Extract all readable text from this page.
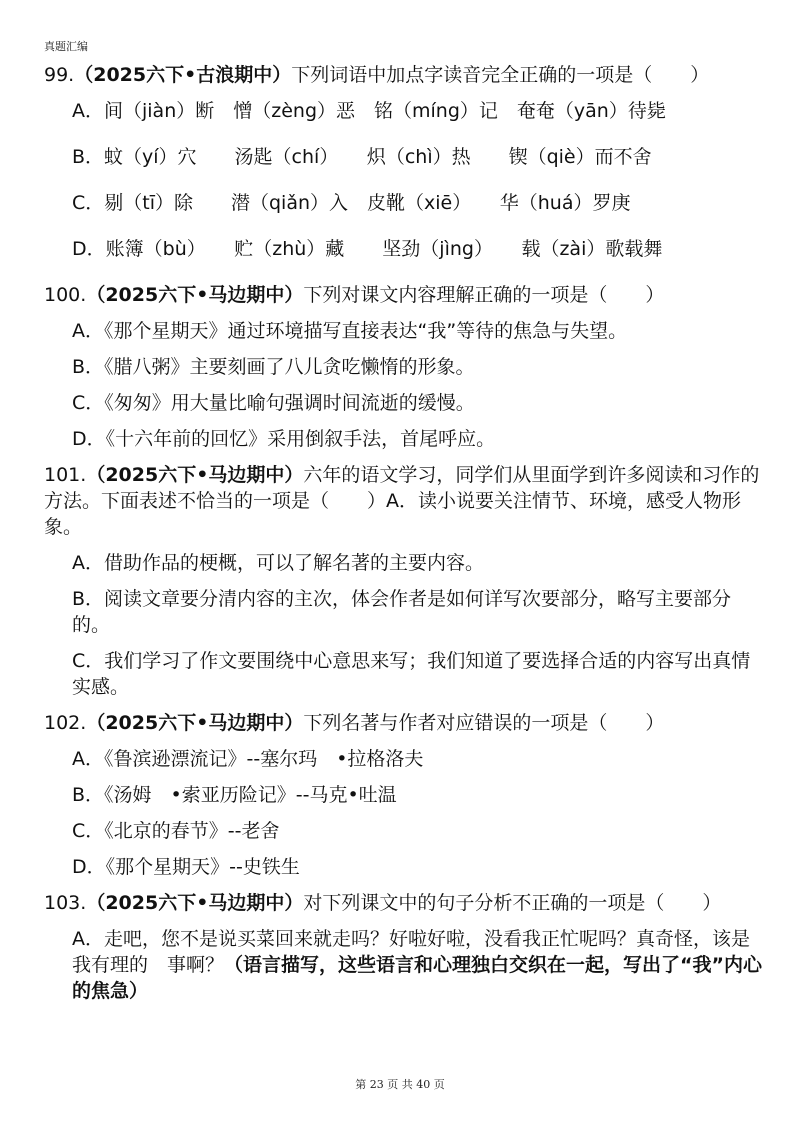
真题汇编

99.（2025六下•古浪期中）下列词语中加点字读音完全正确的一项是（　　）

A．间（jiàn）断　憎（zèng）恶　铭（míng）记　奄奄（yān）待毙

B．蚊（yí）穴　　汤匙（chí）　　炽（chì）热　　锲（qiè）而不舍

C．剔（tī）除　　潜（qiǎn）入　皮靴（xiē）　　华（huá）罗庚

D．账簿（bù）　　贮（zhù）藏　　坚劲（jìng）　　载（zài）歌载舞

100.（2025六下•马边期中）下列对课文内容理解正确的一项是（　　）

A．《那个星期天》通过环境描写直接表达“我”等待的焦急与失望。

B．《腊八粥》主要刻画了八儿贪吃懒惰的形象。

C．《匆匆》用大量比喻句强调时间流逝的缓慢。

D．《十六年前的回忆》采用倒叙手法，首尾呼应。

101.（2025六下•马边期中）六年的语文学习，同学们从里面学到许多阅读和习作的方法。下面表述不恰当的一项是（　　）A．读小说要关注情节、环境，感受人物形象。

A．借助作品的梗概，可以了解名著的主要内容。

B．阅读文章要分清内容的主次，体会作者是如何详写次要部分，略写主要部分的。

C．我们学习了作文要围绕中心意思来写；我们知道了要选择合适的内容写出真情实感。

102.（2025六下•马边期中）下列名著与作者对应错误的一项是（　　）

A．《鲁滨逊漂流记》--塞尔玛　•拉格洛夫

B．《汤姆　•索亚历险记》--马克•吐温

C．《北京的春节》--老舍

D．《那个星期天》--史铁生

103.（2025六下•马边期中）对下列课文中的句子分析不正确的一项是（　　）

A．走吧，您不是说买菜回来就走吗？好啦好啦，没看我正忙呢吗？真奇怪，该是我有理的　事啊？（语言描写，这些语言和心理独白交织在一起，写出了“我”内心的焦急）

第 23 页 共 40 页
